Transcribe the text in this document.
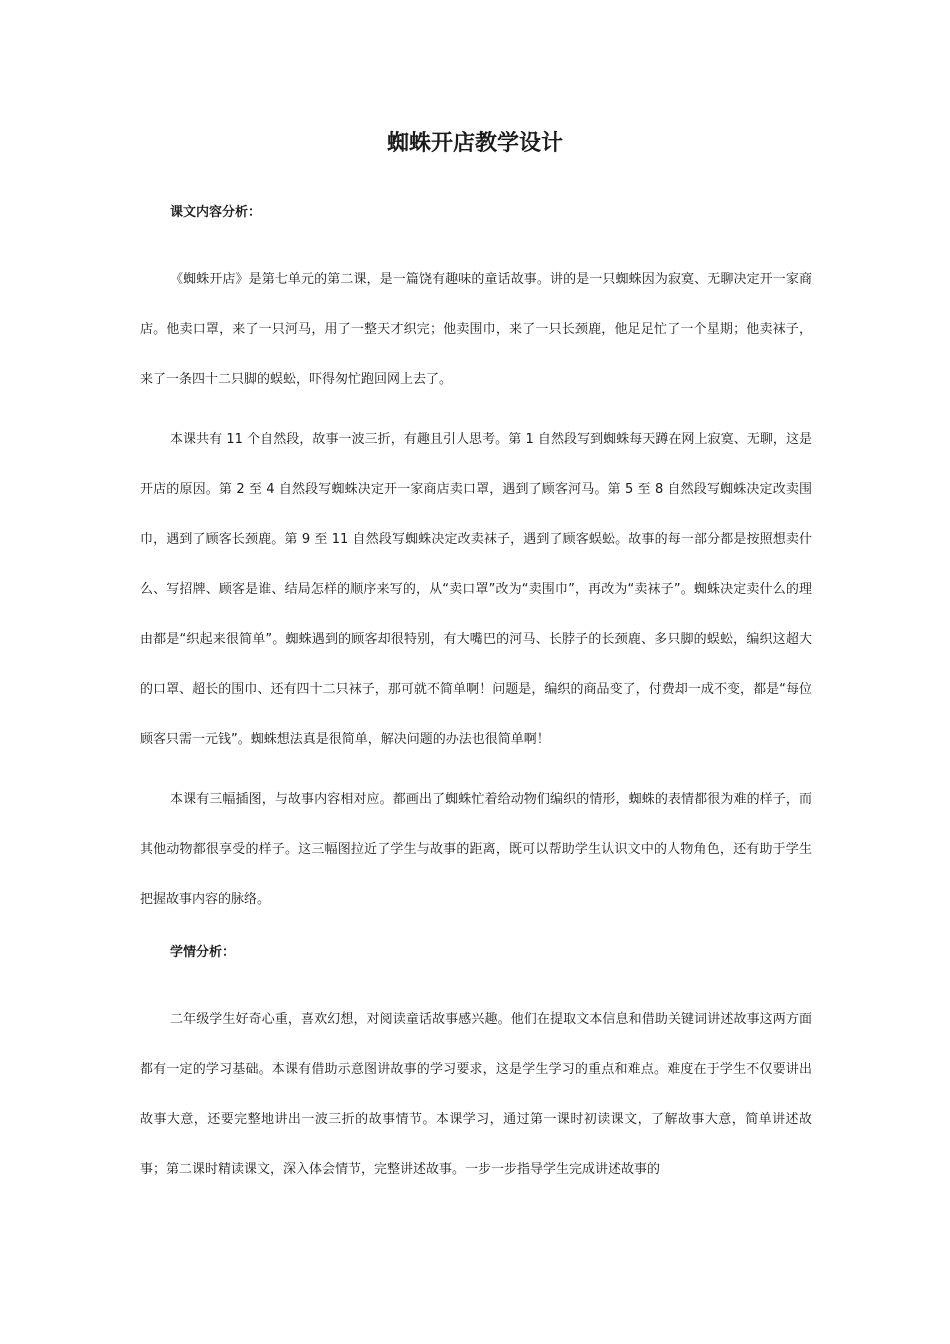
蜘蛛开店教学设计
课文内容分析：

《蜘蛛开店》是第七单元的第二课，是一篇饶有趣味的童话故事。讲的是一只蜘蛛因为寂寞、无聊决定开一家商店。他卖口罩，来了一只河马，用了一整天才织完；他卖围巾，来了一只长颈鹿，他足足忙了一个星期；他卖袜子，来了一条四十二只脚的蜈蚣，吓得匆忙跑回网上去了。

本课共有 11 个自然段，故事一波三折，有趣且引人思考。第 1 自然段写到蜘蛛每天蹲在网上寂寞、无聊，这是开店的原因。第 2 至 4 自然段写蜘蛛决定开一家商店卖口罩，遇到了顾客河马。第 5 至 8 自然段写蜘蛛决定改卖围巾，遇到了顾客长颈鹿。第 9 至 11 自然段写蜘蛛决定改卖袜子，遇到了顾客蜈蚣。故事的每一部分都是按照想卖什么、写招牌、顾客是谁、结局怎样的顺序来写的，从“卖口罩”改为“卖围巾”，再改为“卖袜子”。蜘蛛决定卖什么的理由都是“织起来很简单”。蜘蛛遇到的顾客却很特别，有大嘴巴的河马、长脖子的长颈鹿、多只脚的蜈蚣，编织这超大的口罩、超长的围巾、还有四十二只袜子，那可就不简单啊！问题是，编织的商品变了，付费却一成不变，都是“每位顾客只需一元钱”。蜘蛛想法真是很简单，解决问题的办法也很简单啊！

本课有三幅插图，与故事内容相对应。都画出了蜘蛛忙着给动物们编织的情形，蜘蛛的表情都很为难的样子，而其他动物都很享受的样子。这三幅图拉近了学生与故事的距离，既可以帮助学生认识文中的人物角色，还有助于学生把握故事内容的脉络。

学情分析：

二年级学生好奇心重，喜欢幻想，对阅读童话故事感兴趣。他们在提取文本信息和借助关键词讲述故事这两方面都有一定的学习基础。本课有借助示意图讲故事的学习要求，这是学生学习的重点和难点。难度在于学生不仅要讲出故事大意，还要完整地讲出一波三折的故事情节。本课学习，通过第一课时初读课文，了解故事大意，简单讲述故事；第二课时精读课文，深入体会情节，完整讲述故事。一步一步指导学生完成讲述故事的
